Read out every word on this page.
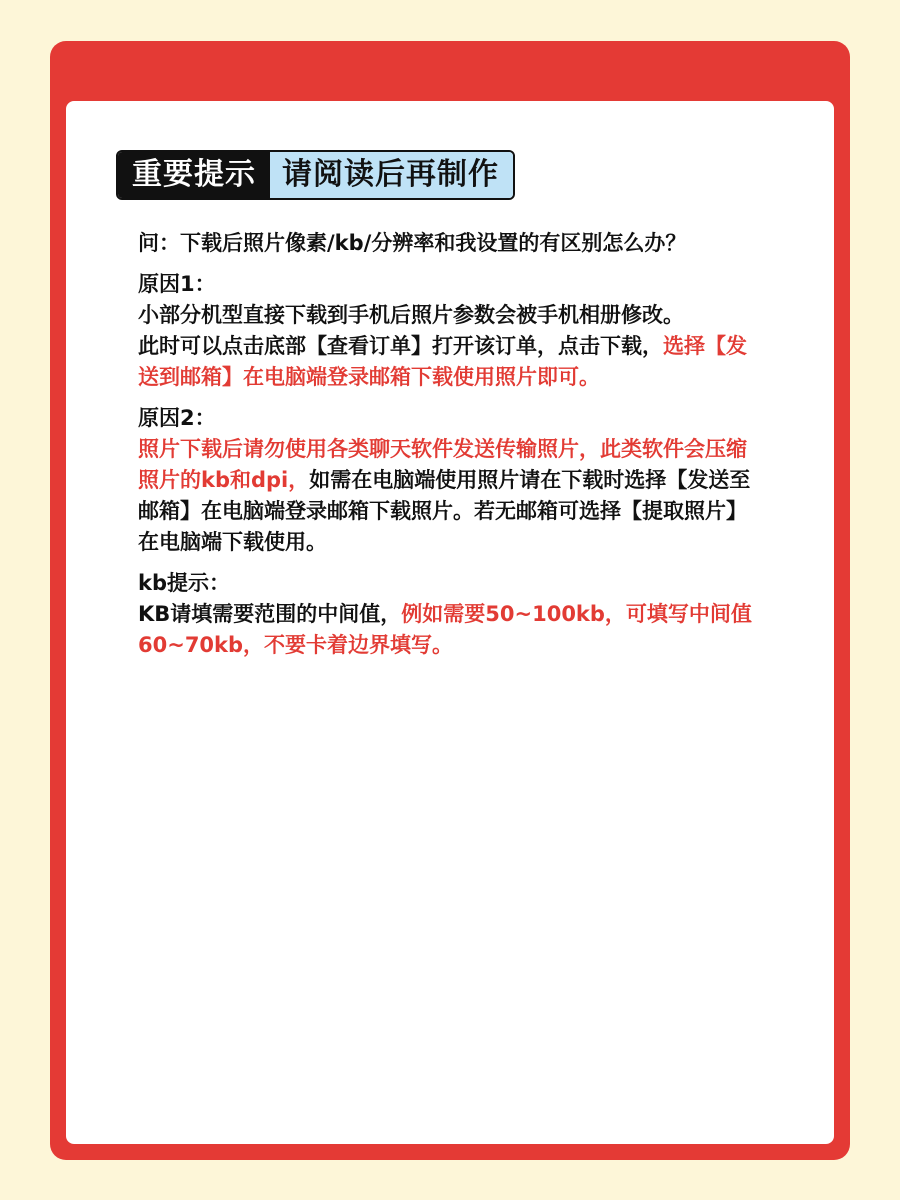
重要提示 请阅读后再制作

问：下载后照片像素/kb/分辨率和我设置的有区别怎么办？

原因1：
小部分机型直接下载到手机后照片参数会被手机相册修改。
此时可以点击底部【查看订单】打开该订单，点击下载，选择【发送到邮箱】在电脑端登录邮箱下载使用照片即可。
原因2：
照片下载后请勿使用各类聊天软件发送传输照片，此类软件会压缩照片的kb和dpi，如需在电脑端使用照片请在下载时选择【发送至邮箱】在电脑端登录邮箱下载照片。若无邮箱可选择【提取照片】在电脑端下载使用。
kb提示：
KB请填需要范围的中间值，例如需要50~100kb，可填写中间值60~70kb，不要卡着边界填写。
